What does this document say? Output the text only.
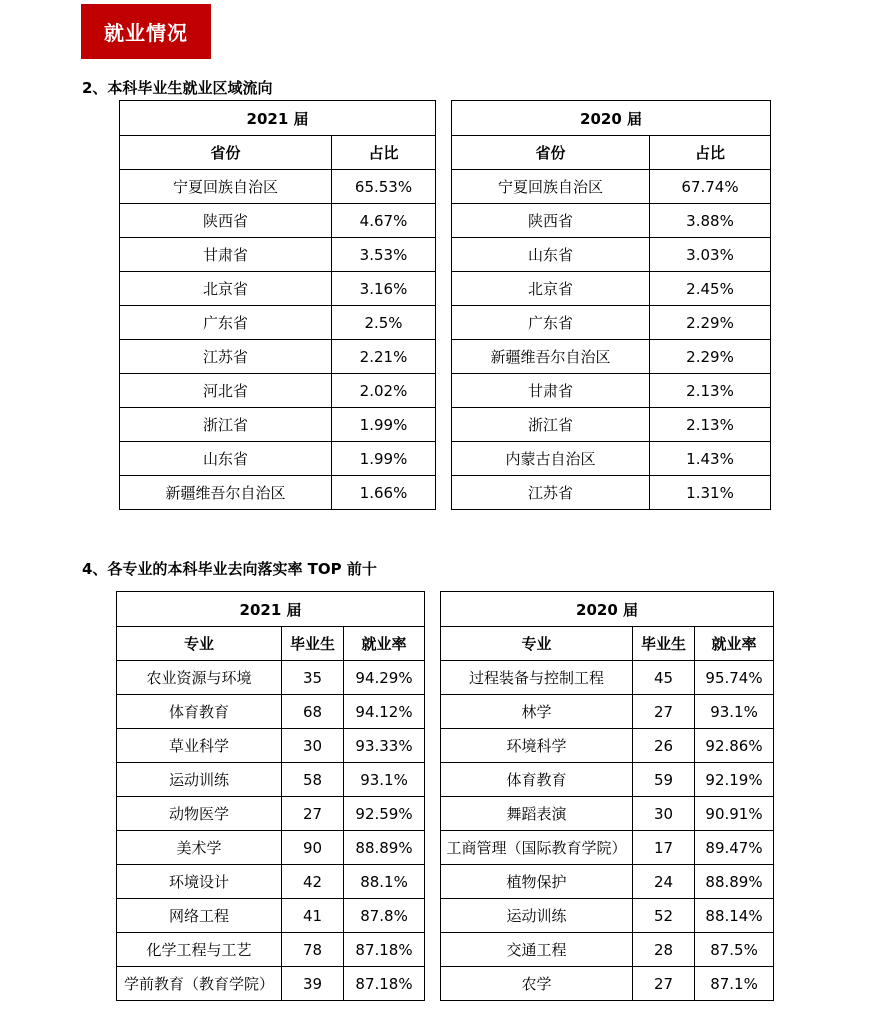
就业情况
2、本科毕业生就业区域流向
2021 届	
省份	占比
宁夏回族自治区	65.53%
陕西省	4.67%
甘肃省	3.53%
北京省	3.16%
广东省	2.5%
江苏省	2.21%
河北省	2.02%
浙江省	1.99%
山东省	1.99%
新疆维吾尔自治区	1.66%
2020 届	
省份	占比
宁夏回族自治区	67.74%
陕西省	3.88%
山东省	3.03%
北京省	2.45%
广东省	2.29%
新疆维吾尔自治区	2.29%
甘肃省	2.13%
浙江省	2.13%
内蒙古自治区	1.43%
江苏省	1.31%
4、各专业的本科毕业去向落实率 TOP 前十
2021 届		
专业	毕业生	就业率
农业资源与环境	35	94.29%
体育教育	68	94.12%
草业科学	30	93.33%
运动训练	58	93.1%
动物医学	27	92.59%
美术学	90	88.89%
环境设计	42	88.1%
网络工程	41	87.8%
化学工程与工艺	78	87.18%
学前教育（教育学院）	39	87.18%
2020 届		
专业	毕业生	就业率
过程装备与控制工程	45	95.74%
林学	27	93.1%
环境科学	26	92.86%
体育教育	59	92.19%
舞蹈表演	30	90.91%
工商管理（国际教育学院）	17	89.47%
植物保护	24	88.89%
运动训练	52	88.14%
交通工程	28	87.5%
农学	27	87.1%
